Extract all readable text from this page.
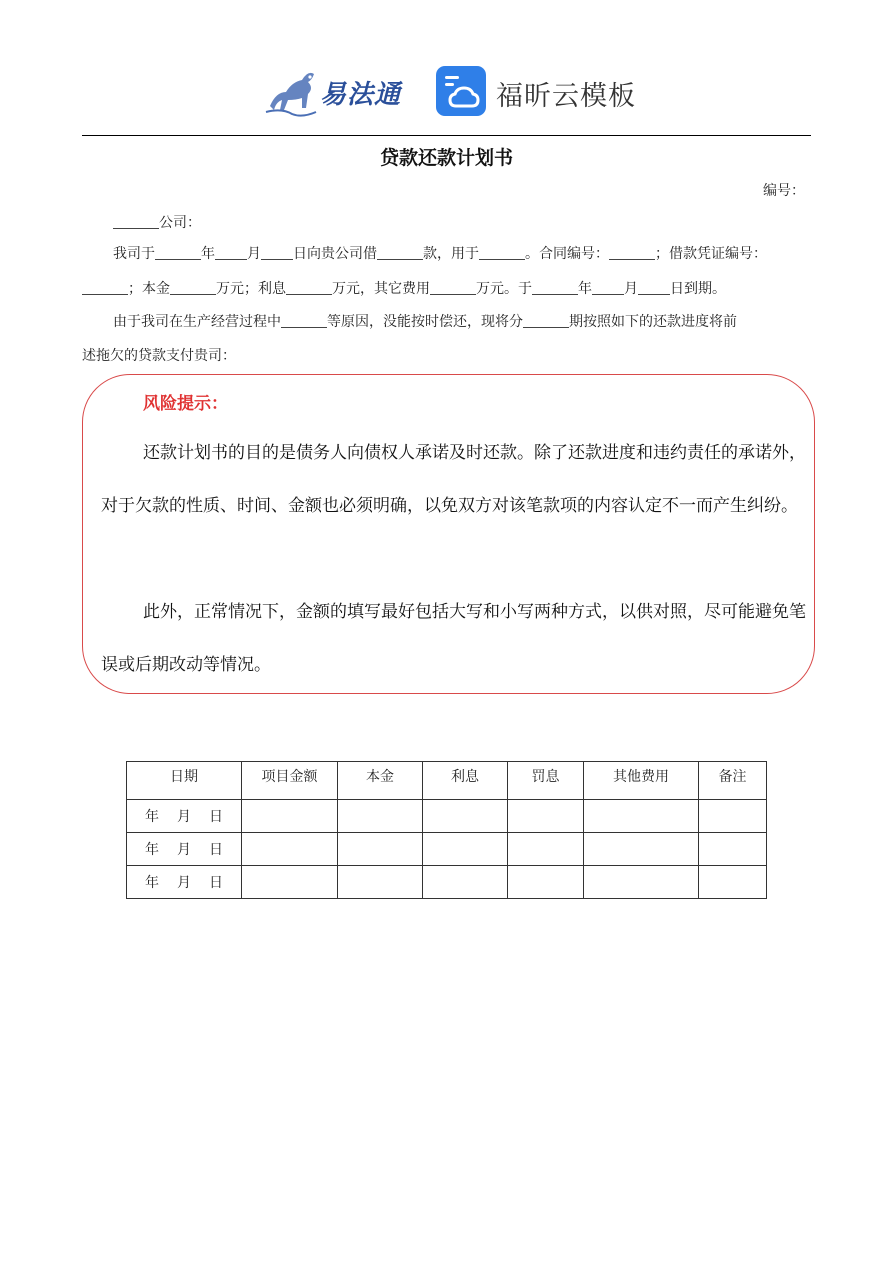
易法通	福昕云模板
贷款还款计划书
编号：
公司：
我司于	年 月 日向贵公司借	款，用于	。合同编号：	；借款凭证编号：
；本金	万元；利息	万元，其它费用	万元。于	年 月 日到期。
由于我司在生产经营过程中	等原因，没能按时偿还，现将分	期按照如下的还款进度将前
述拖欠的贷款支付贵司：
风险提示：
还款计划书的目的是债务人向债权人承诺及时还款。除了还款进度和违约责任的承诺外，对于欠款的性质、时间、金额也必须明确，以免双方对该笔款项的内容认定不一而产生纠纷。
此外，正常情况下，金额的填写最好包括大写和小写两种方式，以供对照，尽可能避免笔误或后期改动等情况。
日期	项目金额	本金	利息	罚息	其他费用	备注
年 月 日						
年 月 日						
年 月 日						
